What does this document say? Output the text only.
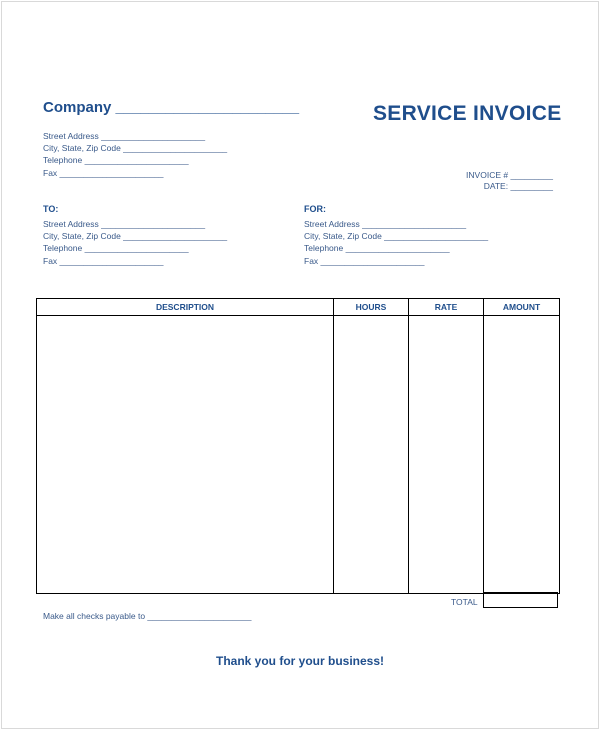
Company ______________________	SERVICE INVOICE
Street Address ______________________
City, State, Zip Code ______________________
Telephone ______________________
Fax ______________________	INVOICE # _________
DATE: _________
TO:
Street Address ______________________
City, State, Zip Code ______________________
Telephone ______________________
Fax ______________________
FOR:
Street Address ______________________
City, State, Zip Code ______________________
Telephone ______________________
Fax ______________________
DESCRIPTION	HOURS	RATE	AMOUNT

TOTAL
Make all checks payable to ______________________
Thank you for your business!
